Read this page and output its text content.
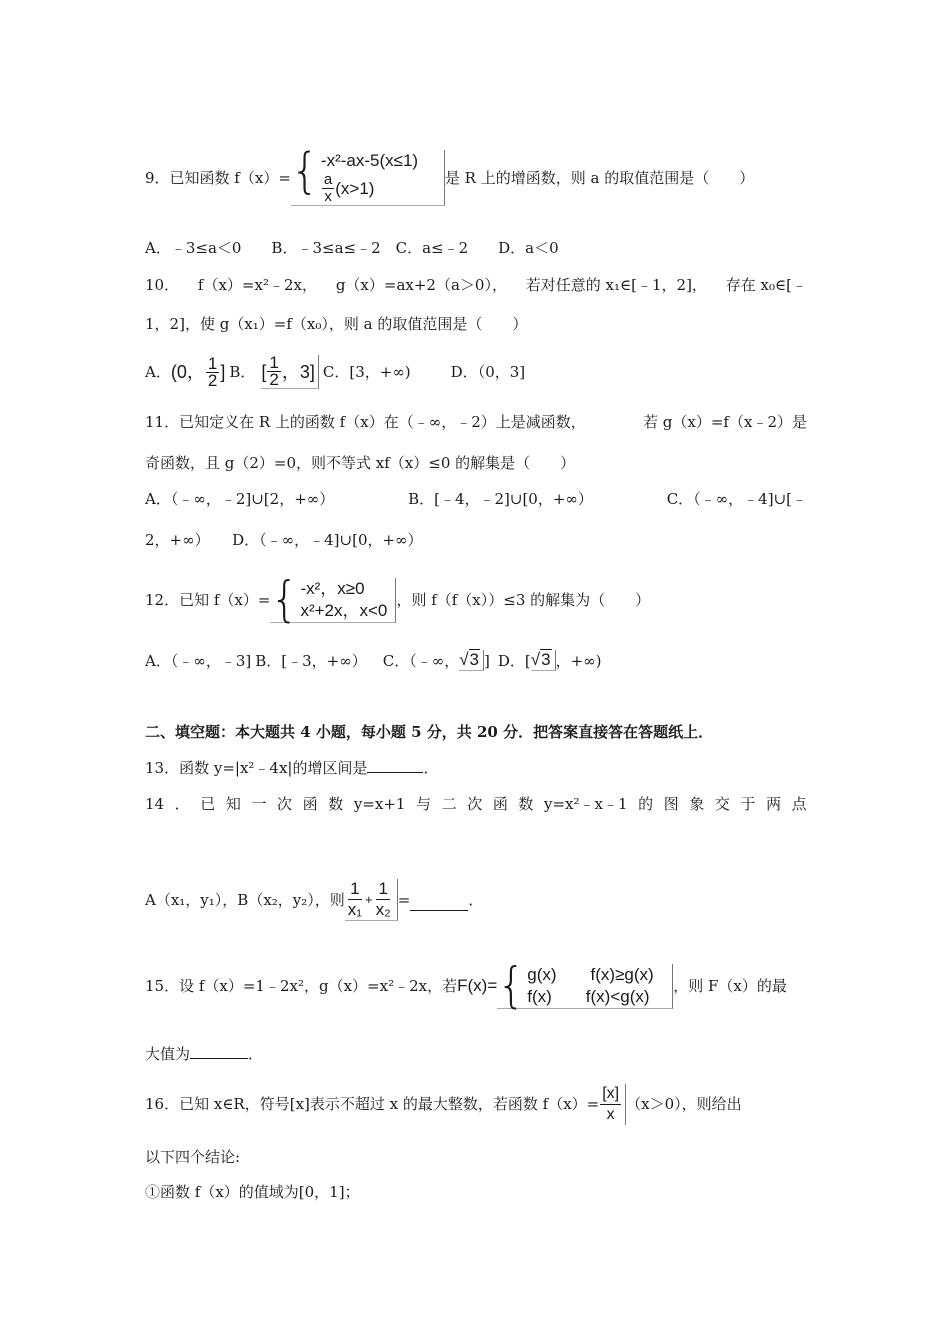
9．已知函数 f（x）= { -x²-ax-5(x≤1)
$\frac{a}{x} (x>1)$
是 R 上的增函数，则 a 的取值范围是（　　）
A．﹣3≤a＜0　　B．﹣3≤a≤﹣2　C．a≤﹣2　　D．a＜0
10． f（x）=x²﹣2x， g（x）=ax+2（a＞0）， 若对任意的 x₁∈[﹣1，2]， 存在 x₀∈[﹣
1，2]，使 g（x₁）=f（x₀），则 a 的取值范围是（　　）
A． (0， $\frac{1}{2}$ ] B． [ $\frac{1}{2}$ ，3] C．[3，+∞)	D．（0，3]
11．已知定义在 R 上的函数 f（x）在（﹣∞，﹣2）上是减函数，	若 g（x）=f（x﹣2）是
奇函数，且 g（2）=0，则不等式 xf（x）≤0 的解集是（　　）
A．（﹣∞，﹣2]∪[2，+∞）	B．[﹣4，﹣2]∪[0，+∞）	C．（﹣∞，﹣4]∪[﹣
2，+∞）　　D．（﹣∞，﹣4]∪[0，+∞）
12．已知 f（x）= { -x²，x≥0
x²+2x，x<0
，则 f（f（x））≤3 的解集为（　　）
A．（﹣∞，﹣3] B．[﹣3，+∞） C．（﹣∞， √3 ] D．[ √3 ，+∞)
二、填空题：本大题共 4 小题，每小题 5 分，共 20 分．把答案直接答在答题纸上．
13．函数 y=|x²﹣4x|的增区间是	．
14 ． 已 知 一 次 函 数 y=x+1 与 二 次 函 数 y=x²﹣x﹣1 的 图 象 交 于 两 点
A（x₁，y₁），B（x₂，y₂），则 $\frac{1}{\text{x₁}} + \frac{1}{\text{x₂}}$ =	．
15．设 f（x）=1﹣2x²，g（x）=x²﹣2x，若 F(x)= { g(x)　　f(x)≥g(x)
f(x)　　f(x)<g(x)
，则 F（x）的最
大值为	．
16．已知 x∈R，符号[x]表示不超过 x 的最大整数，若函数 $f(x)= \frac{[x]}{x} (x>0)$，则给出
以下四个结论:
①函数 f（x）的值域为[0，1]；
